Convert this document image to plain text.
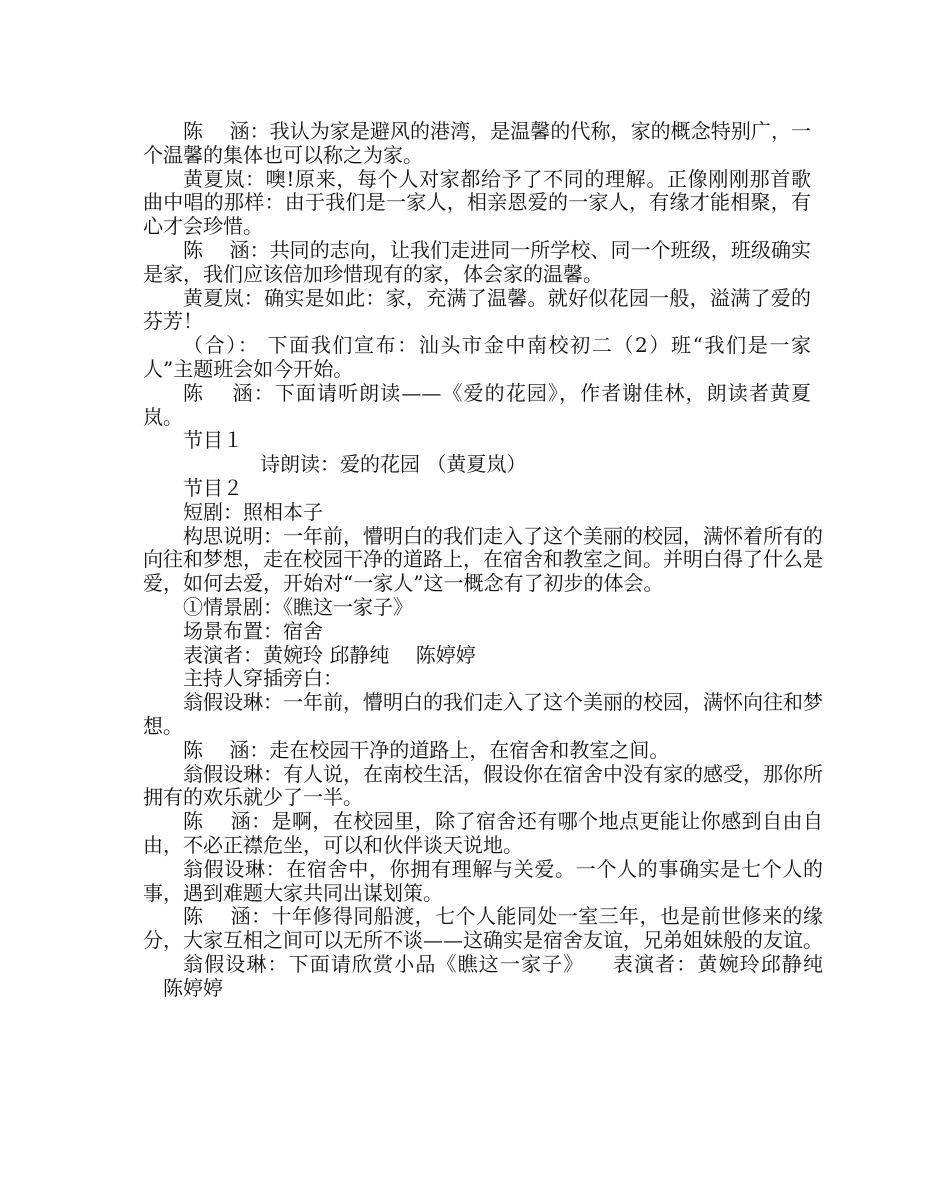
陈　 涵：我认为家是避风的港湾，是温馨的代称，家的概念特别广，一个温馨的集体也可以称之为家。

黄夏岚：噢!原来，每个人对家都给予了不同的理解。正像刚刚那首歌曲中唱的那样：由于我们是一家人，相亲恩爱的一家人，有缘才能相聚，有心才会珍惜。

陈　 涵：共同的志向，让我们走进同一所学校、同一个班级，班级确实是家，我们应该倍加珍惜现有的家，体会家的温馨。

黄夏岚：确实是如此：家，充满了温馨。就好似花园一般，溢满了爱的芬芳！

（合）： 下面我们宣布：汕头市金中南校初二（2）班“我们是一家人”主题班会如今开始。

陈　 涵：下面请听朗读——《爱的花园》，作者谢佳林，朗读者黄夏岚。

节目１

诗朗读：爱的花园 （黄夏岚）

节目２

短剧：照相本子

构思说明：一年前，懵明白的我们走入了这个美丽的校园，满怀着所有的向往和梦想，走在校园干净的道路上，在宿舍和教室之间。并明白得了什么是爱，如何去爱，开始对“一家人”这一概念有了初步的体会。

①情景剧：《瞧这一家子》

场景布置：宿舍

表演者：黄婉玲 邱静纯 　陈婷婷

主持人穿插旁白：

翁假设琳：一年前，懵明白的我们走入了这个美丽的校园，满怀向往和梦想。

陈　 涵：走在校园干净的道路上，在宿舍和教室之间。

翁假设琳：有人说，在南校生活，假设你在宿舍中没有家的感受，那你所拥有的欢乐就少了一半。

陈　 涵：是啊，在校园里，除了宿舍还有哪个地点更能让你感到自由自由，不必正襟危坐，可以和伙伴谈天说地。

翁假设琳：在宿舍中，你拥有理解与关爱。一个人的事确实是七个人的事，遇到难题大家共同出谋划策。

陈　 涵：十年修得同船渡，七个人能同处一室三年，也是前世修来的缘分，大家互相之间可以无所不谈——这确实是宿舍友谊，兄弟姐妹般的友谊。

翁假设琳：下面请欣赏小品《瞧这一家子》 　表演者：黄婉玲邱静纯 　陈婷婷
